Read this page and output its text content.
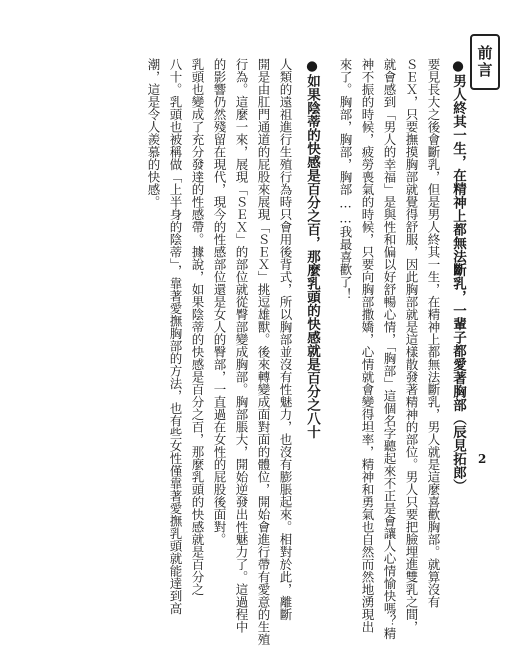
前言
●男人終其一生，在精神上都無法斷乳，一輩子都愛著胸部（辰見拓郎）
要見長大之後會斷乳，但是男人終其一生，在精神上都無法斷乳，男人就是這麼喜歡胸部。就算沒有
ＳＥＸ，只要撫摸胸部就覺得舒服，因此胸部就是這樣散發著精神的部位。男人只要把臉埋進雙乳之間，
就會感到「男人的幸福」是與性和偏以好舒暢心情，「胸部」這個名字聽起來不正是會讓人心情愉快嗎？精
神不振的時候，疲勞喪氣的時候，只要向胸部撒嬌，心情就會變得坦率，精神和勇氣也自然而然地湧現出
來了。胸部，胸部，胸部……我最喜歡了！
●如果陰蒂的快感是百分之百，那麼乳頭的快感就是百分之八十
人類的遠祖進行生殖行為時只會用後背式，所以胸部並沒有性魅力，也沒有膨脹起來。相對於此，離斷
開是由肛門通道的屁股來展現「ＳＥＸ」挑逗雄獸。後來轉變成面對面的體位，開始會進行帶有愛意的生殖
行為。這麼一來，展現「ＳＥＸ」的部位就從臀部變成胸部。胸部脹大，開始逆發出性魅力了。這過程中
的影響仍然殘留在現代，現今的性感部位還是女人的臀部，一直過在女性的屁股後面對。
乳頭也變成了充分發達的性感帶。據說，如果陰蒂的快感是百分之百，那麼乳頭的快感就是百分之
八十。乳頭也被稱做「上半身的陰蒂」，靠著愛撫胸部的方法，也有些女性僅靠著愛撫乳頭就能達到高
潮，這是令人羨慕的快感。
2
